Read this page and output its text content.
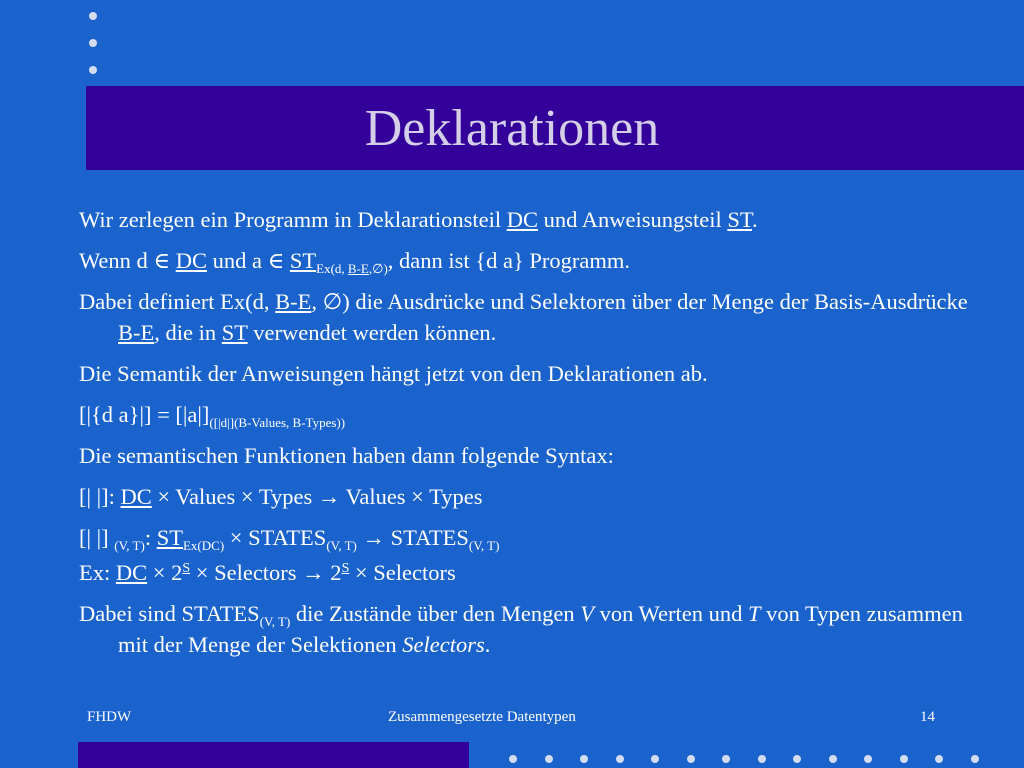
Deklarationen
Wir zerlegen ein Programm in Deklarationsteil DC und Anweisungsteil ST.
Wenn d ∈ DC und a ∈ $ST_{Ex(d, B-E,\emptyset)}$, dann ist {d a} Programm.
Dabei definiert Ex(d, B-E, ∅) die Ausdrücke und Selektoren über der Menge der Basis-Ausdrücke B-E, die in ST verwendet werden können.
Die Semantik der Anweisungen hängt jetzt von den Deklarationen ab.
[|{d $a\}|] = [|a|]_{([|d|](B-Values, B-Types))}$
Die semantischen Funktionen haben dann folgende Syntax:
[| |]: DC × Values × Types → Values × Types
[| |] $_{(V, T)}$: $ST_{Ex(DC)}$ × $STATES_{(V, T)}$ → $STATES_{(V, T)}$
Ex: DC × $2^S$ × Selectors → $2^S$ × Selectors
Dabei sind $STATES_{(V, T)}$ die Zustände über den Mengen V von Werten und T von Typen zusammen mit der Menge der Selektionen Selectors.
FHDW	Zusammengesetzte Datentypen	14
